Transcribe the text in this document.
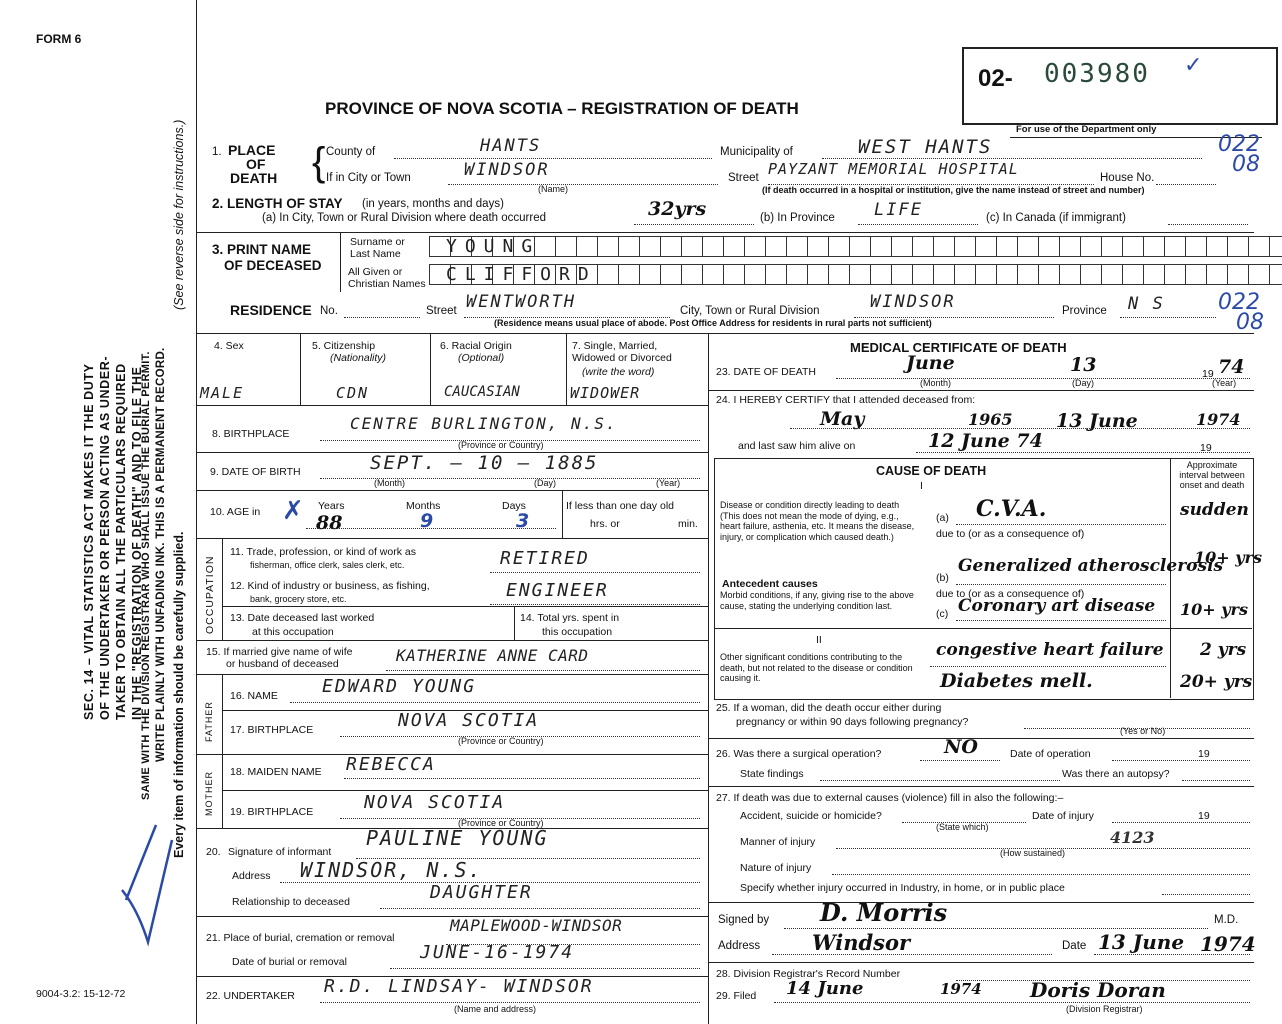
FORM 6
SEC. 14 – VITAL STATISTICS ACT MAKES IT THE DUTY OF THE UNDERTAKER OR PERSON ACTING AS UNDER- TAKER TO OBTAIN ALL THE PARTICULARS REQUIRED IN THE "REGISTRATION OF DEATH" AND TO FILE THE
SAME WITH THE DIVISION REGISTRAR WHO SHALL ISSUE THE BURIAL PERMIT. WRITE PLAINLY WITH UNFADING INK. THIS IS A PERMANENT RECORD. Every item of information should be carefully supplied.
(See reverse side for instructions.)
9004-3.2: 15-12-72
02- 003980 ✓
PROVINCE OF NOVA SCOTIA – REGISTRATION OF DEATH
For use of the Department only
022
08
022
08
1. PLACE
OF
DEATH { County of	HANTS	Municipality of	WEST HANTS
If in City or Town	WINDSOR
(Name)
Street PAYZANT MEMORIAL HOSPITAL	House No.
(If death occurred in a hospital or institution, give the name instead of street and number)
2. LENGTH OF STAY (in years, months and days)
(a) In City, Town or Rural Division where death occurred	32yrs	(b) In Province LIFE	(c) In Canada (if immigrant)
3. PRINT NAME
OF DECEASED
Surname or
Last Name
All Given or
Christian Names
YOUNG
CLIFFORD
RESIDENCE No.	Street WENTWORTH	City, Town or Rural Division	WINDSOR	Province N S
(Residence means usual place of abode. Post Office Address for residents in rural parts not sufficient)
4. Sex
MALE
5. Citizenship
(Nationality)
CDN
6. Racial Origin
(Optional)
CAUCASIAN
7. Single, Married,
Widowed or Divorced
(write the word)
WIDOWER
8. BIRTHPLACE
CENTRE BURLINGTON, N.S.
(Province or Country)
9. DATE OF BIRTH	SEPT. – 10 – 1885
(Month)	(Day)	(Year)
10. AGE in ✗ Years	Months	Days
88	9	3
If less than one day old
hrs. or	min.
OCCUPATION
11. Trade, profession, or kind of work as
fisherman, office clerk, sales clerk, etc.	RETIRED
12. Kind of industry or business, as fishing,
bank, grocery store, etc.	ENGINEER
13. Date deceased last worked
at this occupation
14. Total yrs. spent in
this occupation
15. If married give name of wife
or husband of deceased	KATHERINE ANNE CARD
FATHER
16. NAME EDWARD YOUNG
17. BIRTHPLACE	NOVA SCOTIA
(Province or Country)
MOTHER 18. MAIDEN NAME REBECCA
19. BIRTHPLACE	NOVA SCOTIA
(Province or Country)
20. Signature of informant
PAULINE YOUNG
Address WINDSOR, N.S.
Relationship to deceased	DAUGHTER
21. Place of burial, cremation or removal
MAPLEWOOD-WINDSOR
Date of burial or removal	JUNE-16-1974
22. UNDERTAKER R.D. LINDSAY- WINDSOR
(Name and address)
MEDICAL CERTIFICATE OF DEATH
23. DATE OF DEATH	June	13	19 74
(Month)	(Day)	(Year)
24. I HEREBY CERTIFY that I attended deceased from:
May	1965 13 June	1974
and last saw him alive on	12 June 74	19
CAUSE OF DEATH
I
Approximate interval between onset and death
Disease or condition directly leading to death (This does not mean the mode of dying, e.g., heart failure, asthenia, etc. It means the disease, injury, or complication which caused death.)
(a) C.V.A.	sudden
due to (or as a consequence of)
Antecedent causes
Morbid conditions, if any, giving rise to the above cause, stating the underlying condition last.
(b)
Generalized atherosclerosis
10+ yrs
due to (or as a consequence of)
(c) Coronary art disease 10+ yrs
II
Other significant conditions contributing to the death, but not related to the disease or condition causing it.
congestive heart failure 2 yrs
Diabetes mell.	20+ yrs
25. If a woman, did the death occur either during
pregnancy or within 90 days following pregnancy?
(Yes or No)
26. Was there a surgical operation?	NO	Date of operation	19
State findings	Was there an autopsy?
27. If death was due to external causes (violence) fill in also the following:–
Accident, suicide or homicide?	Date of injury	19
(State which)
Manner of injury
(How sustained)
4123
Nature of injury
Specify whether injury occurred in Industry, in home, or in public place
Signed by D. Morris	M.D.
Address Windsor	Date 13 June 1974
28. Division Registrar's Record Number
29. Filed 14 June	1974 Doris Doran
(Division Registrar)
